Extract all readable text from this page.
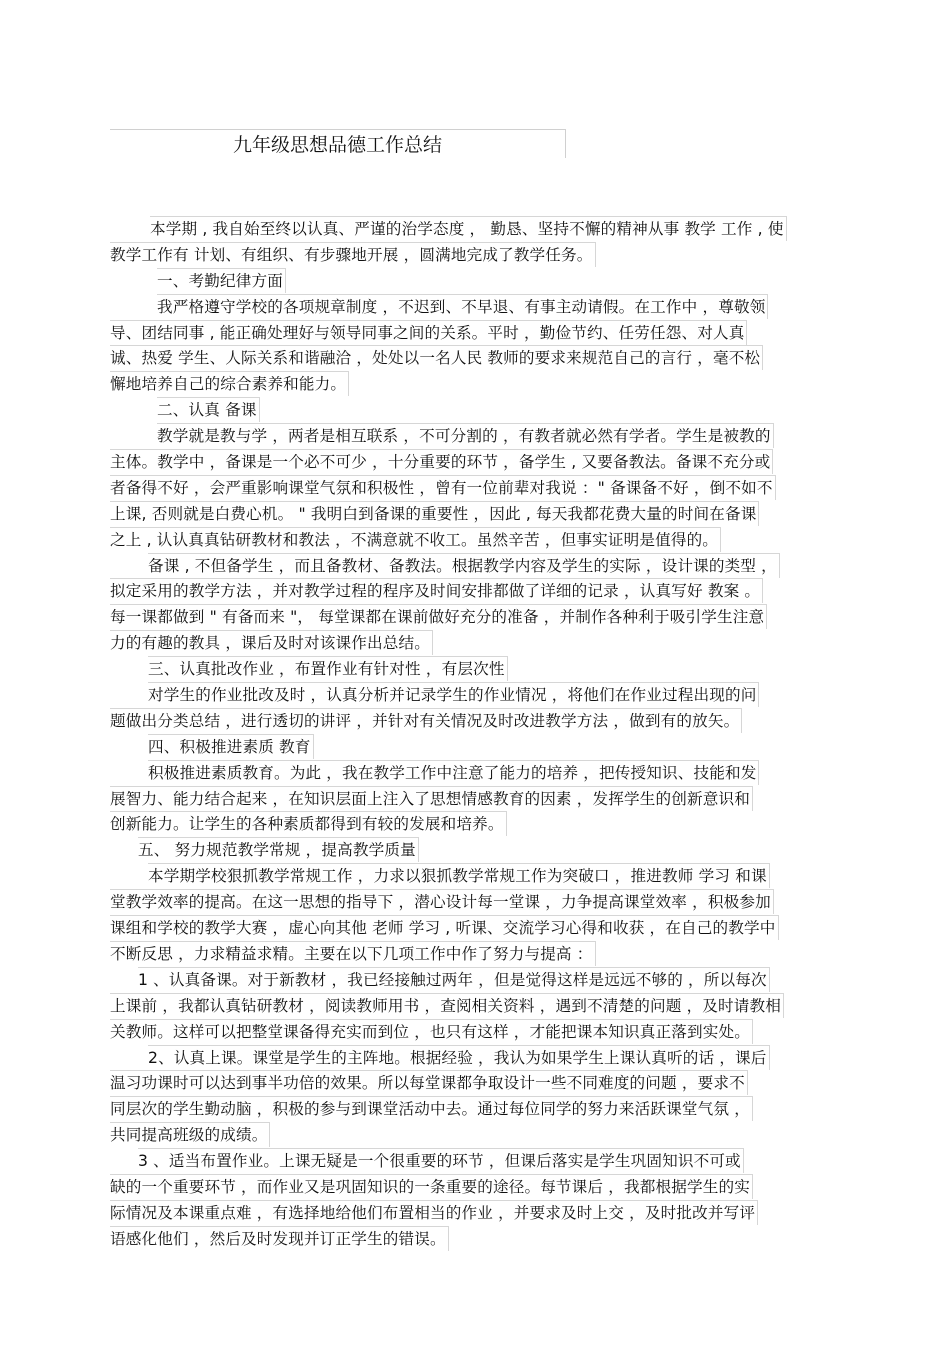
九年级思想品德工作总结
本学期 , 我自始至终以认真、严谨的治学态度 ， 勤恳、坚持不懈的精神从事 教学 工作 , 使
教学工作有 计划、有组织、有步骤地开展 ，圆满地完成了教学任务。
一、考勤纪律方面
我严格遵守学校的各项规章制度 ，不迟到、不早退、有事主动请假。在工作中 ，尊敬领
导、团结同事 , 能正确处理好与领导同事之间的关系。平时 ，勤俭节约、任劳任怨、对人真
诚、热爱 学生、人际关系和谐融洽 ，处处以一名人民 教师的要求来规范自己的言行 ，毫不松
懈地培养自己的综合素养和能力。
二、认真 备课
教学就是教与学 ，两者是相互联系 ，不可分割的 ，有教者就必然有学者。学生是被教的
主体。教学中 ，备课是一个必不可少 ，十分重要的环节 ，备学生 , 又要备教法。备课不充分或
者备得不好 ，会严重影响课堂气氛和积极性 ，曾有一位前辈对我说 ：" 备课备不好 ，倒不如不
上课, 否则就是白费心机。 " 我明白到备课的重要性 ，因此 , 每天我都花费大量的时间在备课
之上 , 认认真真钻研教材和教法 ，不满意就不收工。虽然辛苦 ，但事实证明是值得的。
备课 , 不但备学生 ，而且备教材、备教法。根据教学内容及学生的实际 ，设计课的类型 ，
拟定采用的教学方法 ，并对教学过程的程序及时间安排都做了详细的记录 ，认真写好 教案 。
每一课都做到 " 有备而来 "， 每堂课都在课前做好充分的准备 ，并制作各种利于吸引学生注意
力的有趣的教具 ，课后及时对该课作出总结。
三、认真批改作业 ，布置作业有针对性 ，有层次性
对学生的作业批改及时 ，认真分析并记录学生的作业情况 ，将他们在作业过程出现的问
题做出分类总结 ，进行透切的讲评 ，并针对有关情况及时改进教学方法 ，做到有的放矢。
四、积极推进素质 教育
积极推进素质教育。为此 ，我在教学工作中注意了能力的培养 ，把传授知识、技能和发
展智力、能力结合起来 ，在知识层面上注入了思想情感教育的因素 ，发挥学生的创新意识和
创新能力。让学生的各种素质都得到有较的发展和培养。
五、 努力规范教学常规 ，提高教学质量
本学期学校狠抓教学常规工作 ，力求以狠抓教学常规工作为突破口 ，推进教师 学习 和课
堂教学效率的提高。在这一思想的指导下 ，潜心设计每一堂课 ，力争提高课堂效率 ，积极参加
课组和学校的教学大赛 ，虚心向其他 老师 学习 , 听课、交流学习心得和收获 ，在自己的教学中
不断反思 ，力求精益求精。主要在以下几项工作中作了努力与提高 ：
1 、认真备课。对于新教材 ，我已经接触过两年 ，但是觉得这样是远远不够的 ，所以每次
上课前 ，我都认真钻研教材 ，阅读教师用书 ，查阅相关资料 ，遇到不清楚的问题 ，及时请教相
关教师。这样可以把整堂课备得充实而到位 ，也只有这样 ，才能把课本知识真正落到实处。
2、认真上课。课堂是学生的主阵地。根据经验 ，我认为如果学生上课认真听的话 ，课后
温习功课时可以达到事半功倍的效果。所以每堂课都争取设计一些不同难度的问题 ，要求不
同层次的学生勤动脑 ，积极的参与到课堂活动中去。通过每位同学的努力来活跃课堂气氛 ，
共同提高班级的成绩。
3 、适当布置作业。上课无疑是一个很重要的环节 ，但课后落实是学生巩固知识不可或
缺的一个重要环节 ，而作业又是巩固知识的一条重要的途径。每节课后 ，我都根据学生的实
际情况及本课重点难 ，有选择地给他们布置相当的作业 ，并要求及时上交 ，及时批改并写评
语感化他们 ，然后及时发现并订正学生的错误。
